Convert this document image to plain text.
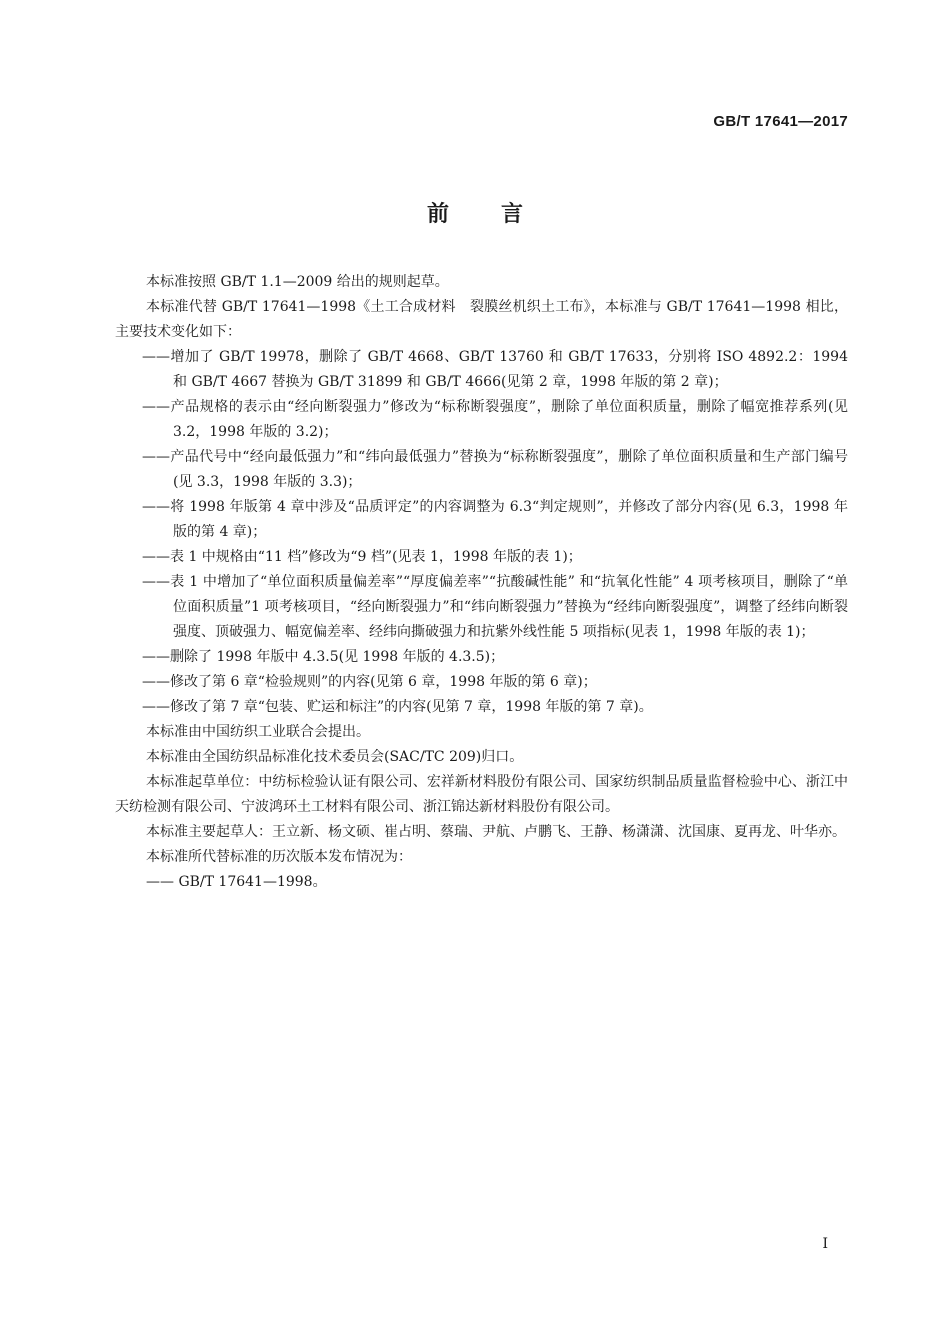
GB/T 17641—2017
前言

本标准按照 GB/T 1.1—2009 给出的规则起草。

本标准代替 GB/T 17641—1998《土工合成材料　裂膜丝机织土工布》，本标准与 GB/T 17641—1998 相比，主要技术变化如下：

——增加了 GB/T 19978，删除了 GB/T 4668、GB/T 13760 和 GB/T 17633，分别将 ISO 4892.2：1994 和 GB/T 4667 替换为 GB/T 31899 和 GB/T 4666(见第 2 章，1998 年版的第 2 章)；

——产品规格的表示由“经向断裂强力”修改为“标称断裂强度”，删除了单位面积质量，删除了幅宽推荐系列(见 3.2，1998 年版的 3.2)；

——产品代号中“经向最低强力”和“纬向最低强力”替换为“标称断裂强度”，删除了单位面积质量和生产部门编号(见 3.3，1998 年版的 3.3)；

——将 1998 年版第 4 章中涉及“品质评定”的内容调整为 6.3“判定规则”，并修改了部分内容(见 6.3，1998 年版的第 4 章)；

——表 1 中规格由“11 档”修改为“9 档”(见表 1，1998 年版的表 1)；

——表 1 中增加了“单位面积质量偏差率”“厚度偏差率”“抗酸碱性能” 和“抗氧化性能” 4 项考核项目，删除了“单位面积质量”1 项考核项目，“经向断裂强力”和“纬向断裂强力”替换为“经纬向断裂强度”，调整了经纬向断裂强度、顶破强力、幅宽偏差率、经纬向撕破强力和抗紫外线性能 5 项指标(见表 1，1998 年版的表 1)；

——删除了 1998 年版中 4.3.5(见 1998 年版的 4.3.5)；

——修改了第 6 章“检验规则”的内容(见第 6 章，1998 年版的第 6 章)；

——修改了第 7 章“包装、贮运和标注”的内容(见第 7 章，1998 年版的第 7 章)。

本标准由中国纺织工业联合会提出。

本标准由全国纺织品标准化技术委员会(SAC/TC 209)归口。

本标准起草单位：中纺标检验认证有限公司、宏祥新材料股份有限公司、国家纺织制品质量监督检验中心、浙江中天纺检测有限公司、宁波鸿环土工材料有限公司、浙江锦达新材料股份有限公司。

本标准主要起草人：王立新、杨文硕、崔占明、蔡瑞、尹航、卢鹏飞、王静、杨潇潇、沈国康、夏再龙、叶华亦。

本标准所代替标准的历次版本发布情况为：

—— GB/T 17641—1998。

I
